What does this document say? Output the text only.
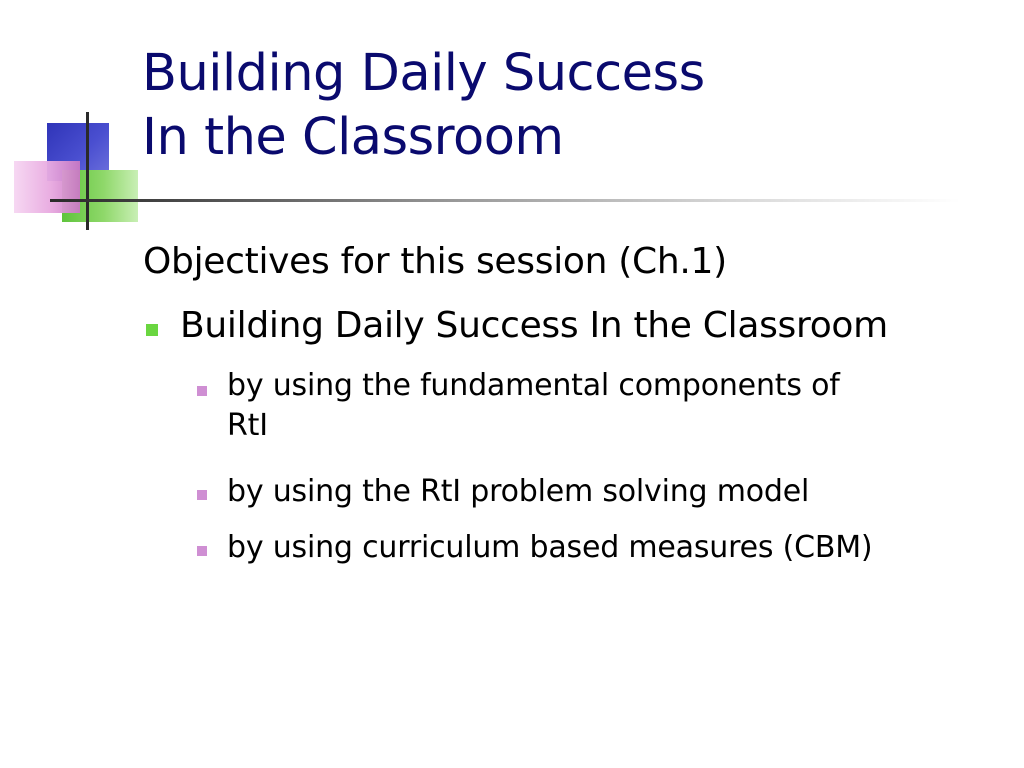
Building Daily Success
In the Classroom
Objectives for this session (Ch.1)
Building Daily Success In the Classroom
by using the fundamental components of
RtI
by using the RtI problem solving model
by using curriculum based measures (CBM)
